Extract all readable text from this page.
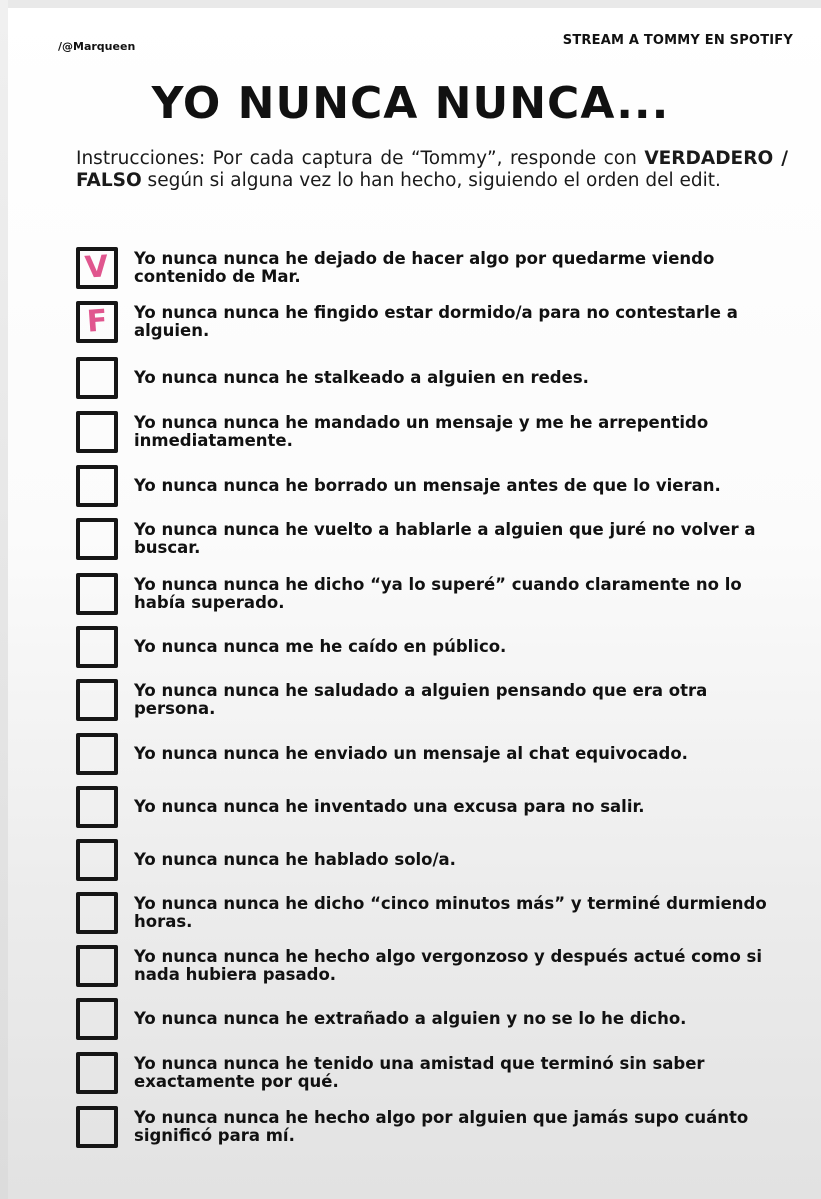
/@Marqueen	STREAM A TOMMY EN SPOTIFY
YO NUNCA NUNCA...
Instrucciones: Por cada captura de “Tommy”, responde con VERDADERO / FALSO según si alguna vez lo han hecho, siguiendo el orden del edit.
V Yo nunca nunca he dejado de hacer algo por quedarme viendo contenido de Mar.
F Yo nunca nunca he fingido estar dormido/a para no contestarle a alguien.
Yo nunca nunca he stalkeado a alguien en redes.
Yo nunca nunca he mandado un mensaje y me he arrepentido inmediatamente.
Yo nunca nunca he borrado un mensaje antes de que lo vieran.
Yo nunca nunca he vuelto a hablarle a alguien que juré no volver a buscar.
Yo nunca nunca he dicho “ya lo superé” cuando claramente no lo había superado.
Yo nunca nunca me he caído en público.
Yo nunca nunca he saludado a alguien pensando que era otra persona.
Yo nunca nunca he enviado un mensaje al chat equivocado.
Yo nunca nunca he inventado una excusa para no salir.
Yo nunca nunca he hablado solo/a.
Yo nunca nunca he dicho “cinco minutos más” y terminé durmiendo horas.
Yo nunca nunca he hecho algo vergonzoso y después actué como si nada hubiera pasado.
Yo nunca nunca he extrañado a alguien y no se lo he dicho.
Yo nunca nunca he tenido una amistad que terminó sin saber exactamente por qué.
Yo nunca nunca he hecho algo por alguien que jamás supo cuánto significó para mí.
